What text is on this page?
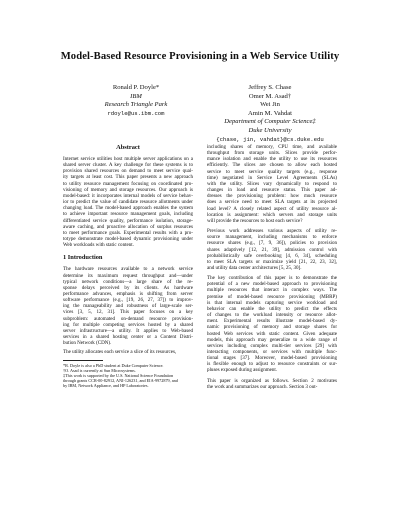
Model-Based Resource Provisioning in a Web Service Utility
Ronald P. Doyle*
IBM
Research Triangle Park
rdoyle@us.ibm.com
Jeffrey S. Chase
Omer M. Asad†
Wei Jin
Amin M. Vahdat
Department of Computer Science‡
Duke University
{chase, jin, vahdat}@cs.duke.edu
Abstract
Internet service utilities host multiple server applications on a
shared server cluster. A key challenge for these systems is to
provision shared resources on demand to meet service qual-
ity targets at least cost. This paper presents a new approach
to utility resource management focusing on coordinated pro-
visioning of memory and storage resources. Our approach is
model-based: it incorporates internal models of service behav-
ior to predict the value of candidate resource allotments under
changing load. The model-based approach enables the system
to achieve important resource management goals, including
differentiated service quality, performance isolation, storage-
aware caching, and proactive allocation of surplus resources
to meet performance goals. Experimental results with a pro-
totype demonstrate model-based dynamic provisioning under
Web workloads with static content.
1 Introduction
The hardware resources available to a network service
determine its maximum request throughput and—under
typical network conditions—a large share of the re-
sponse delays perceived by its clients. As hardware
performance advances, emphasis is shifting from server
software performance (e.g., [19, 26, 27, 37]) to improv-
ing the manageability and robustness of large-scale ser-
vices [3, 5, 12, 31]. This paper focuses on a key
subproblem: automated on-demand resource provision-
ing for multiple competing services hosted by a shared
server infrastructure—a utility. It applies to Web-based
services in a shared hosting center or a Content Distri-
bution Network (CDN).
The utility allocates each service a slice of its resources,
*R. Doyle is also a PhD student at Duke Computer Science.
†O. Asad is currently at Sun Microsystems.
‡This work is supported by the U.S. National Science Foundation
through grants CCR-00-82912, ANI-126231, and EIA-9972879, and
by IBM, Network Appliance, and HP Laboratories.
including shares of memory, CPU time, and available
throughput from storage units. Slices provide perfor-
mance isolation and enable the utility to use its resources
efficiently. The slices are chosen to allow each hosted
service to meet service quality targets (e.g., response
time) negotiated in Service Level Agreements (SLAs)
with the utility. Slices vary dynamically to respond to
changes in load and resource status. This paper ad-
dresses the provisioning problem: how much resource
does a service need to meet SLA targets at its projected
load level? A closely related aspect of utility resource al-
location is assignment: which servers and storage units
will provide the resources to host each service?
Previous work addresses various aspects of utility re-
source management, including mechanisms to enforce
resource shares (e.g., [7, 9, 36]), policies to provision
shares adaptively [12, 21, 39], admission control with
probabilistically safe overbooking [4, 6, 34], scheduling
to meet SLA targets or maximize yield [21, 22, 23, 32],
and utility data center architectures [5, 25, 30].
The key contribution of this paper is to demonstrate the
potential of a new model-based approach to provisioning
multiple resources that interact in complex ways. The
premise of model-based resource provisioning (MBRP)
is that internal models capturing service workload and
behavior can enable the utility to predict the effects
of changes to the workload intensity or resource allot-
ment. Experimental results illustrate model-based dy-
namic provisioning of memory and storage shares for
hosted Web services with static content. Given adequate
models, this approach may generalize to a wide range of
services including complex multi-tier services [29] with
interacting components, or services with multiple func-
tional stages [37]. Moreover, model-based provisioning
is flexible enough to adjust to resource constraints or sur-
pluses exposed during assignment.
This paper is organized as follows. Section 2 motivates
the work and summarizes our approach. Section 3 out-
